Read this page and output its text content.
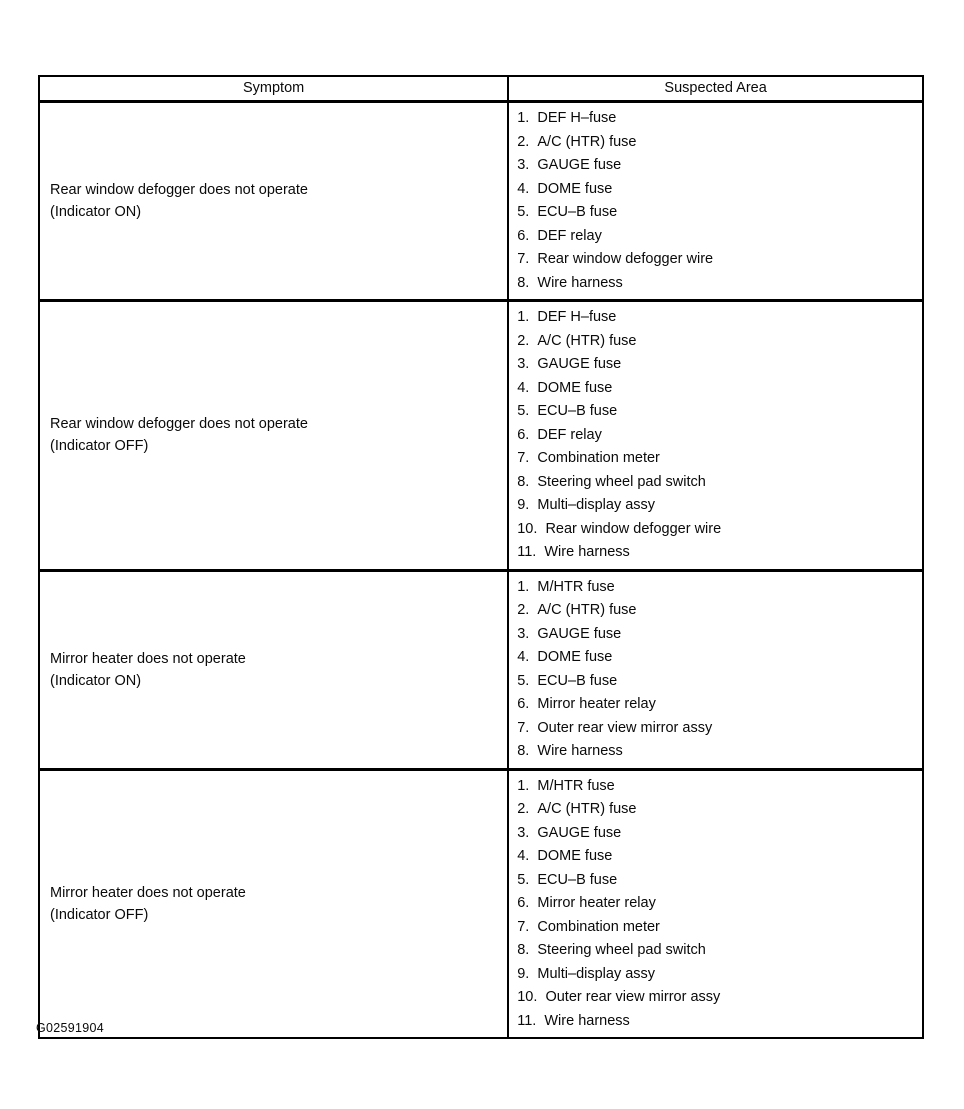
Symptom	Suspected Area
Rear window defogger does not operate
(Indicator ON)
DEF H–fuse
A/C (HTR) fuse
GAUGE fuse
DOME fuse
ECU–B fuse
DEF relay
Rear window defogger wire
Wire harness
Rear window defogger does not operate
(Indicator OFF)
DEF H–fuse
A/C (HTR) fuse
GAUGE fuse
DOME fuse
ECU–B fuse
DEF relay
Combination meter
Steering wheel pad switch
Multi–display assy
Rear window defogger wire
Wire harness
Mirror heater does not operate
(Indicator ON)
M/HTR fuse
A/C (HTR) fuse
GAUGE fuse
DOME fuse
ECU–B fuse
Mirror heater relay
Outer rear view mirror assy
Wire harness
Mirror heater does not operate
(Indicator OFF)
M/HTR fuse
A/C (HTR) fuse
GAUGE fuse
DOME fuse
ECU–B fuse
Mirror heater relay
Combination meter
Steering wheel pad switch
Multi–display assy
Outer rear view mirror assy
Wire harness
G02591904
